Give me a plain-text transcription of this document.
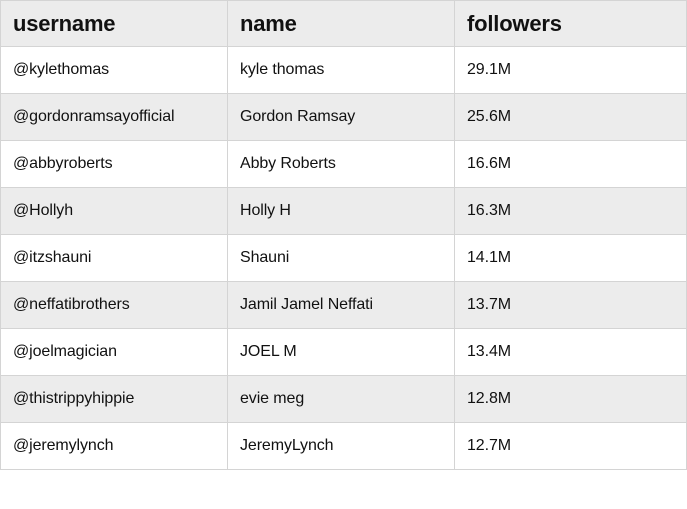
username	name	followers
@kylethomas	kyle thomas	29.1M
@gordonramsayofficial	Gordon Ramsay	25.6M
@abbyroberts	Abby Roberts	16.6M
@Hollyh	Holly H	16.3M
@itzshauni	Shauni	14.1M
@neffatibrothers	Jamil Jamel Neffati	13.7M
@joelmagician	JOEL M	13.4M
@thistrippyhippie	evie meg	12.8M
@jeremylynch	JeremyLynch	12.7M
